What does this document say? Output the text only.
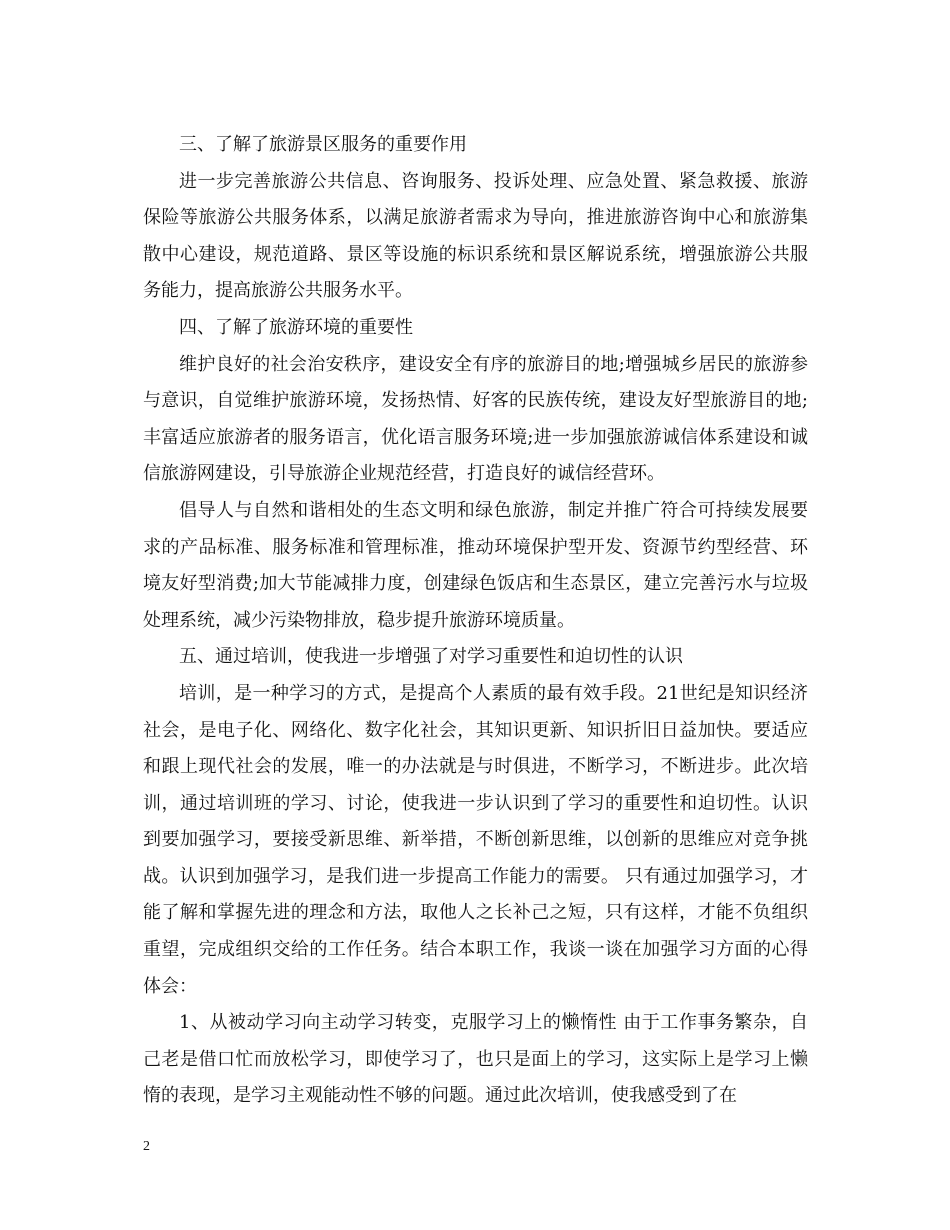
三、了解了旅游景区服务的重要作用

进一步完善旅游公共信息、咨询服务、投诉处理、应急处置、紧急救援、旅游保险等旅游公共服务体系，以满足旅游者需求为导向，推进旅游咨询中心和旅游集散中心建设，规范道路、景区等设施的标识系统和景区解说系统，增强旅游公共服务能力，提高旅游公共服务水平。

四、了解了旅游环境的重要性

维护良好的社会治安秩序，建设安全有序的旅游目的地;增强城乡居民的旅游参与意识，自觉维护旅游环境，发扬热情、好客的民族传统，建设友好型旅游目的地;丰富适应旅游者的服务语言，优化语言服务环境;进一步加强旅游诚信体系建设和诚信旅游网建设，引导旅游企业规范经营，打造良好的诚信经营环。

倡导人与自然和谐相处的生态文明和绿色旅游，制定并推广符合可持续发展要求的产品标准、服务标准和管理标准，推动环境保护型开发、资源节约型经营、环境友好型消费;加大节能减排力度，创建绿色饭店和生态景区，建立完善污水与垃圾处理系统，减少污染物排放，稳步提升旅游环境质量。

五、通过培训，使我进一步增强了对学习重要性和迫切性的认识

培训，是一种学习的方式，是提高个人素质的最有效手段。21世纪是知识经济社会，是电子化、网络化、数字化社会，其知识更新、知识折旧日益加快。要适应和跟上现代社会的发展，唯一的办法就是与时俱进，不断学习，不断进步。此次培训，通过培训班的学习、讨论，使我进一步认识到了学习的重要性和迫切性。认识到要加强学习，要接受新思维、新举措，不断创新思维，以创新的思维应对竞争挑战。认识到加强学习，是我们进一步提高工作能力的需要。 只有通过加强学习，才能了解和掌握先进的理念和方法，取他人之长补己之短，只有这样，才能不负组织重望，完成组织交给的工作任务。结合本职工作，我谈一谈在加强学习方面的心得体会：

1、从被动学习向主动学习转变，克服学习上的懒惰性 由于工作事务繁杂，自己老是借口忙而放松学习，即使学习了，也只是面上的学习，这实际上是学习上懒惰的表现，是学习主观能动性不够的问题。通过此次培训，使我感受到了在

2
